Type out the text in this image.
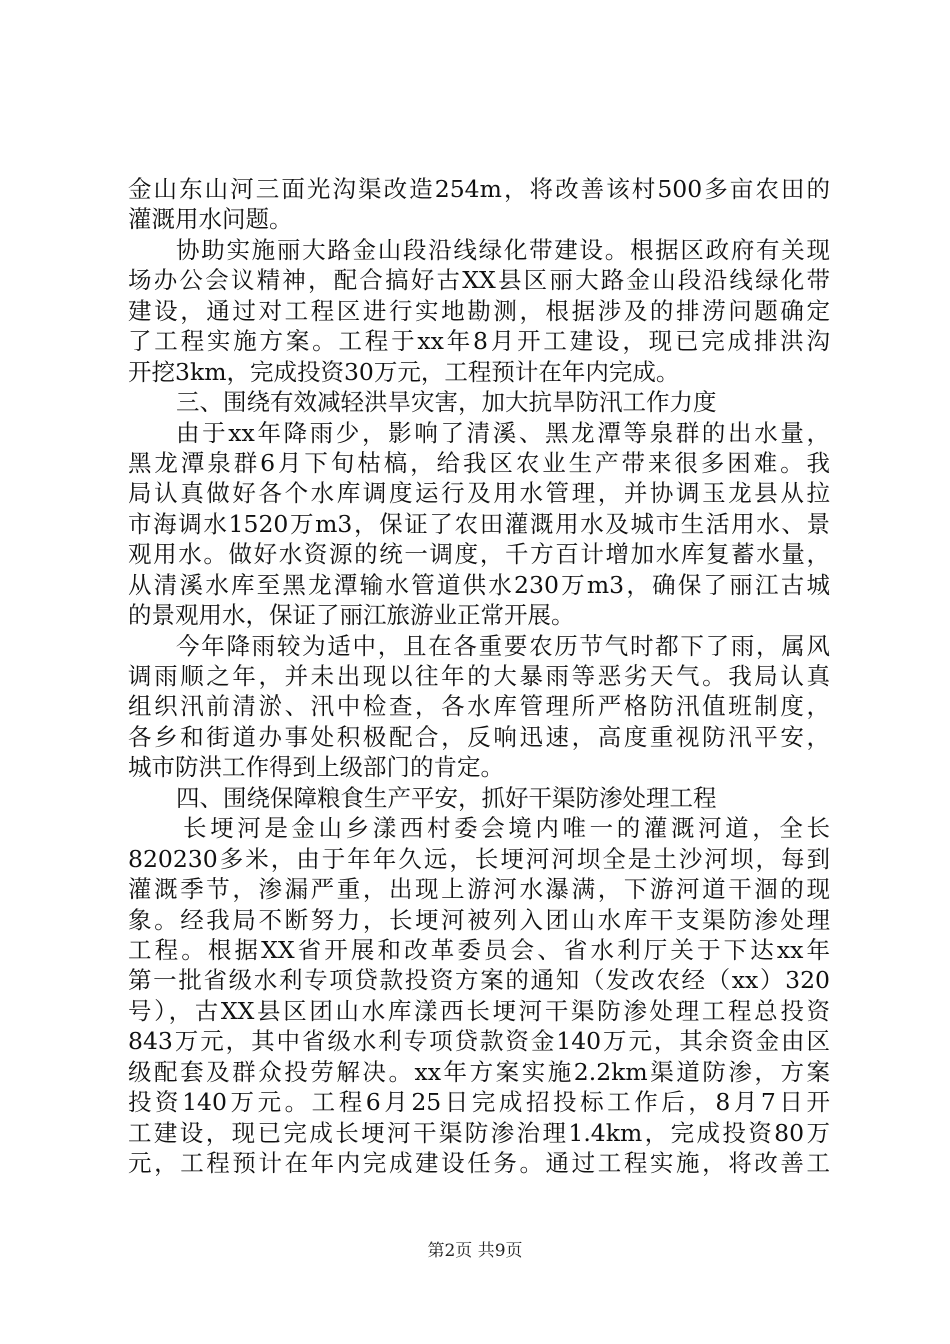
金山东山河三面光沟渠改造254m，将改善该村500多亩农田的
灌溉用水问题。
协助实施丽大路金山段沿线绿化带建设。根据区政府有关现
场办公会议精神，配合搞好古XX县区丽大路金山段沿线绿化带
建设，通过对工程区进行实地勘测，根据涉及的排涝问题确定
了工程实施方案。工程于xx年8月开工建设，现已完成排洪沟
开挖3km，完成投资30万元，工程预计在年内完成。
三、围绕有效减轻洪旱灾害，加大抗旱防汛工作力度
由于xx年降雨少，影响了清溪、黑龙潭等泉群的出水量，
黑龙潭泉群6月下旬枯槁，给我区农业生产带来很多困难。我
局认真做好各个水库调度运行及用水管理，并协调玉龙县从拉
市海调水1520万m3，保证了农田灌溉用水及城市生活用水、景
观用水。做好水资源的统一调度，千方百计增加水库复蓄水量，
从清溪水库至黑龙潭输水管道供水230万m3，确保了丽江古城
的景观用水，保证了丽江旅游业正常开展。
今年降雨较为适中，且在各重要农历节气时都下了雨，属风
调雨顺之年，并未出现以往年的大暴雨等恶劣天气。我局认真
组织汛前清淤、汛中检查，各水库管理所严格防汛值班制度，
各乡和街道办事处积极配合，反响迅速，高度重视防汛平安，
城市防洪工作得到上级部门的肯定。
四、围绕保障粮食生产平安，抓好干渠防渗处理工程
长埂河是金山乡漾西村委会境内唯一的灌溉河道，全长
820230多米，由于年年久远，长埂河河坝全是土沙河坝，每到
灌溉季节，渗漏严重，出现上游河水瀑满，下游河道干涸的现
象。经我局不断努力，长埂河被列入团山水库干支渠防渗处理
工程。根据XX省开展和改革委员会、省水利厅关于下达xx年
第一批省级水利专项贷款投资方案的通知（发改农经（xx）320
号），古XX县区团山水库漾西长埂河干渠防渗处理工程总投资
843万元，其中省级水利专项贷款资金140万元，其余资金由区
级配套及群众投劳解决。xx年方案实施2.2km渠道防渗，方案
投资140万元。工程6月25日完成招投标工作后，8月7日开
工建设，现已完成长埂河干渠防渗治理1.4km，完成投资80万
元，工程预计在年内完成建设任务。通过工程实施，将改善工
第2页 共9页
